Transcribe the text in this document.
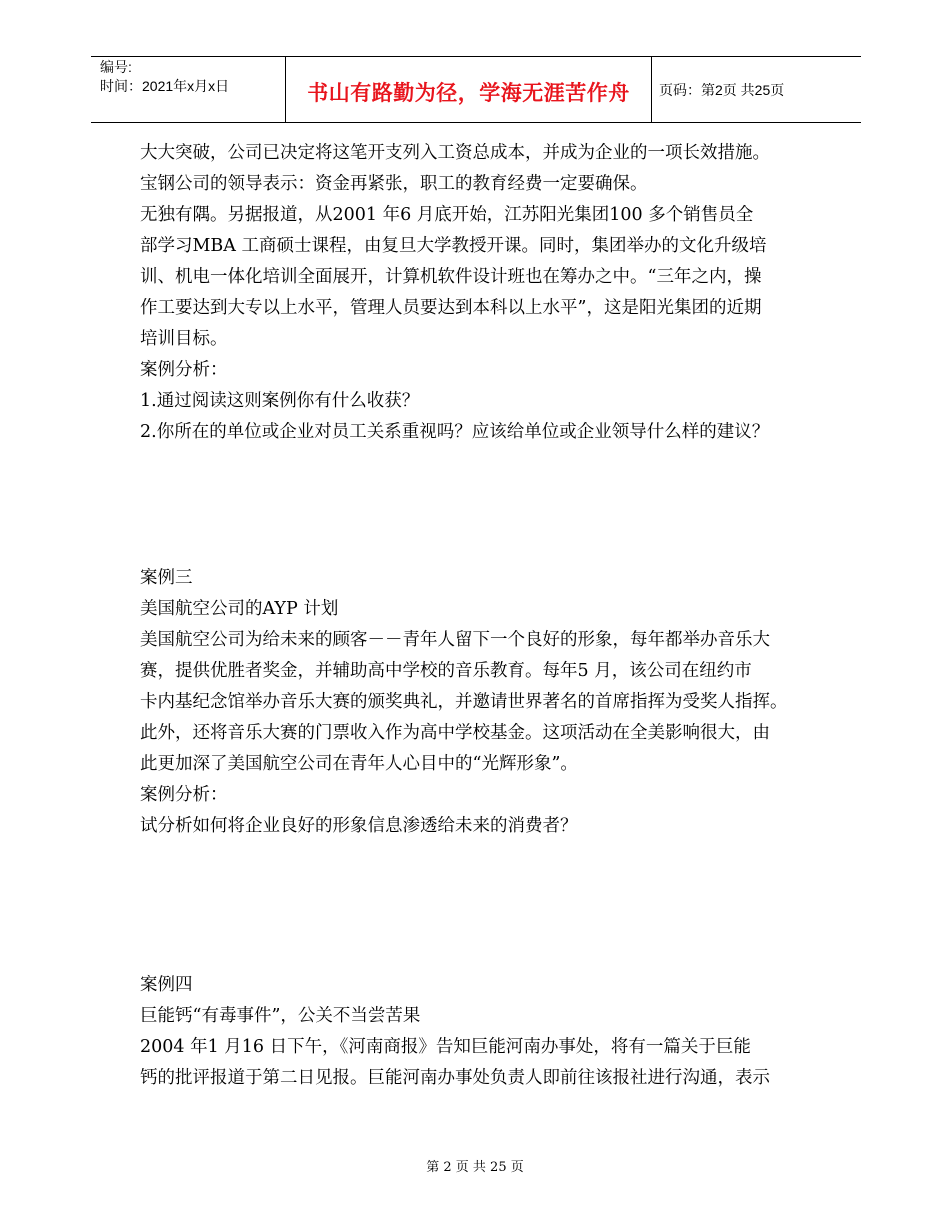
编号:
时间：2021年x月x日	书山有路勤为径，学海无涯苦作舟	页码：第2页 共25页
大大突破，公司已决定将这笔开支列入工资总成本，并成为企业的一项长效措施。
宝钢公司的领导表示：资金再紧张，职工的教育经费一定要确保。
无独有隅。另据报道，从2001 年6 月底开始，江苏阳光集团100 多个销售员全
部学习MBA 工商硕士课程，由复旦大学教授开课。同时，集团举办的文化升级培
训、机电一体化培训全面展开，计算机软件设计班也在筹办之中。“三年之内，操
作工要达到大专以上水平，管理人员要达到本科以上水平”，这是阳光集团的近期
培训目标。
案例分析：
1.通过阅读这则案例你有什么收获？
2.你所在的单位或企业对员工关系重视吗？应该给单位或企业领导什么样的建议？
案例三
美国航空公司的AYP 计划
美国航空公司为给未来的顾客－－青年人留下一个良好的形象，每年都举办音乐大
赛，提供优胜者奖金，并辅助高中学校的音乐教育。每年5 月，该公司在纽约市
卡内基纪念馆举办音乐大赛的颁奖典礼，并邀请世界著名的首席指挥为受奖人指挥。
此外，还将音乐大赛的门票收入作为高中学校基金。这项活动在全美影响很大，由
此更加深了美国航空公司在青年人心目中的“光辉形象”。
案例分析：
试分析如何将企业良好的形象信息渗透给未来的消费者？
案例四
巨能钙“有毒事件”，公关不当尝苦果
2004 年1 月16 日下午，《河南商报》告知巨能河南办事处，将有一篇关于巨能
钙的批评报道于第二日见报。巨能河南办事处负责人即前往该报社进行沟通，表示
第 2 页 共 25 页
